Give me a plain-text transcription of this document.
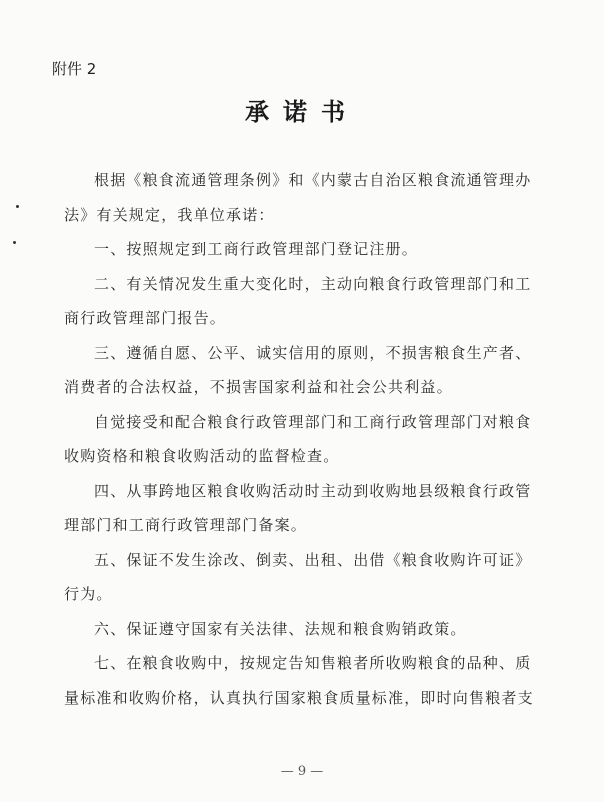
附件 2
承诺书
根据《粮食流通管理条例》和《内蒙古自治区粮食流通管理办
法》有关规定，我单位承诺：
一、按照规定到工商行政管理部门登记注册。
二、有关情况发生重大变化时，主动向粮食行政管理部门和工
商行政管理部门报告。
三、遵循自愿、公平、诚实信用的原则，不损害粮食生产者、
消费者的合法权益，不损害国家利益和社会公共利益。
自觉接受和配合粮食行政管理部门和工商行政管理部门对粮食
收购资格和粮食收购活动的监督检查。
四、从事跨地区粮食收购活动时主动到收购地县级粮食行政管
理部门和工商行政管理部门备案。
五、保证不发生涂改、倒卖、出租、出借《粮食收购许可证》
行为。
六、保证遵守国家有关法律、法规和粮食购销政策。
七、在粮食收购中，按规定告知售粮者所收购粮食的品种、质
量标准和收购价格，认真执行国家粮食质量标准，即时向售粮者支
— 9 —
